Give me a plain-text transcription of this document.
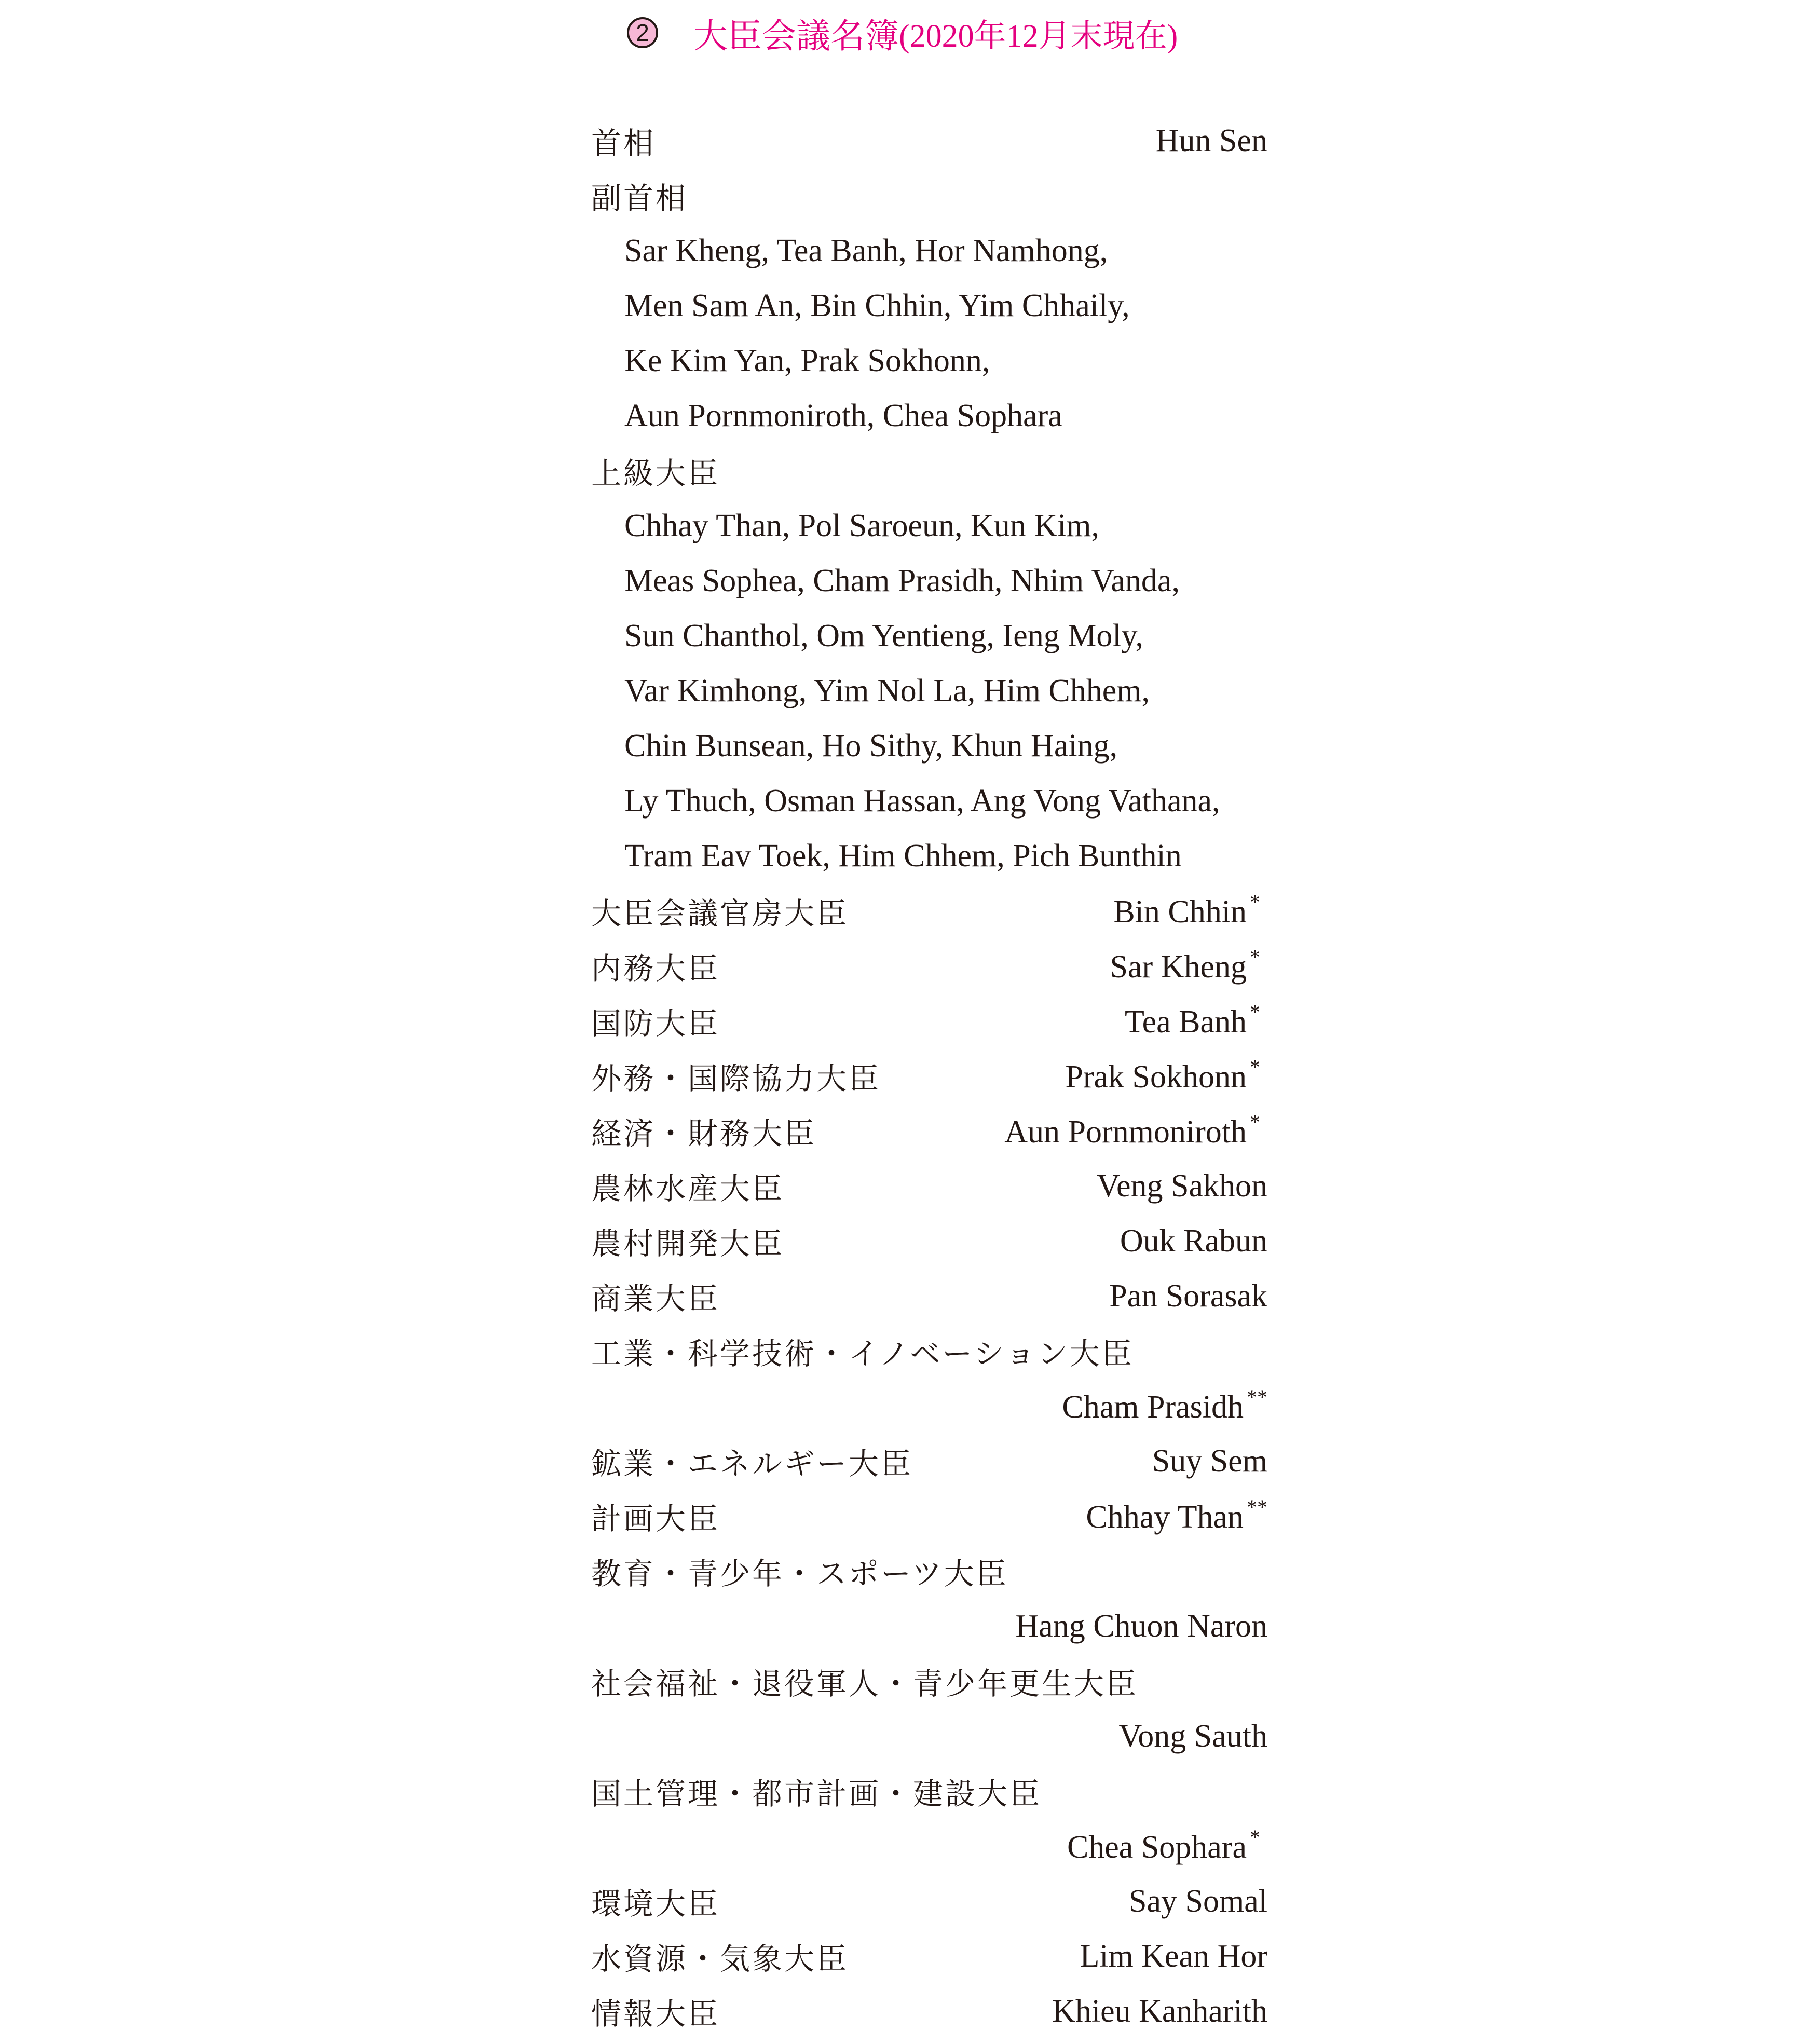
2 大臣会議名簿 (2020年12月末現在)
首相	Hun Sen
副首相
Sar Kheng, Tea Banh, Hor Namhong,
Men Sam An, Bin Chhin, Yim Chhaily,
Ke Kim Yan, Prak Sokhonn,
Aun Pornmoniroth, Chea Sophara
上級大臣
Chhay Than, Pol Saroeun, Kun Kim,
Meas Sophea, Cham Prasidh, Nhim Vanda,
Sun Chanthol, Om Yentieng, Ieng Moly,
Var Kimhong, Yim Nol La, Him Chhem,
Chin Bunsean, Ho Sithy, Khun Haing,
Ly Thuch, Osman Hassan, Ang Vong Vathana,
Tram Eav Toek, Him Chhem, Pich Bunthin
大臣会議官房大臣	Bin Chhin *
内務大臣	Sar Kheng *
国防大臣	Tea Banh *
外務・国際協力大臣	Prak Sokhonn *
経済・財務大臣	Aun Pornmoniroth *
農林水産大臣	Veng Sakhon
農村開発大臣	Ouk Rabun
商業大臣	Pan Sorasak
工業・科学技術・イノベーション大臣
Cham Prasidh **
鉱業・エネルギー大臣	Suy Sem
計画大臣	Chhay Than **
教育・青少年・スポーツ大臣
Hang Chuon Naron
社会福祉・退役軍人・青少年更生大臣
Vong Sauth
国土管理・都市計画・建設大臣
Chea Sophara *
環境大臣	Say Somal
水資源・気象大臣	Lim Kean Hor
情報大臣	Khieu Kanharith
